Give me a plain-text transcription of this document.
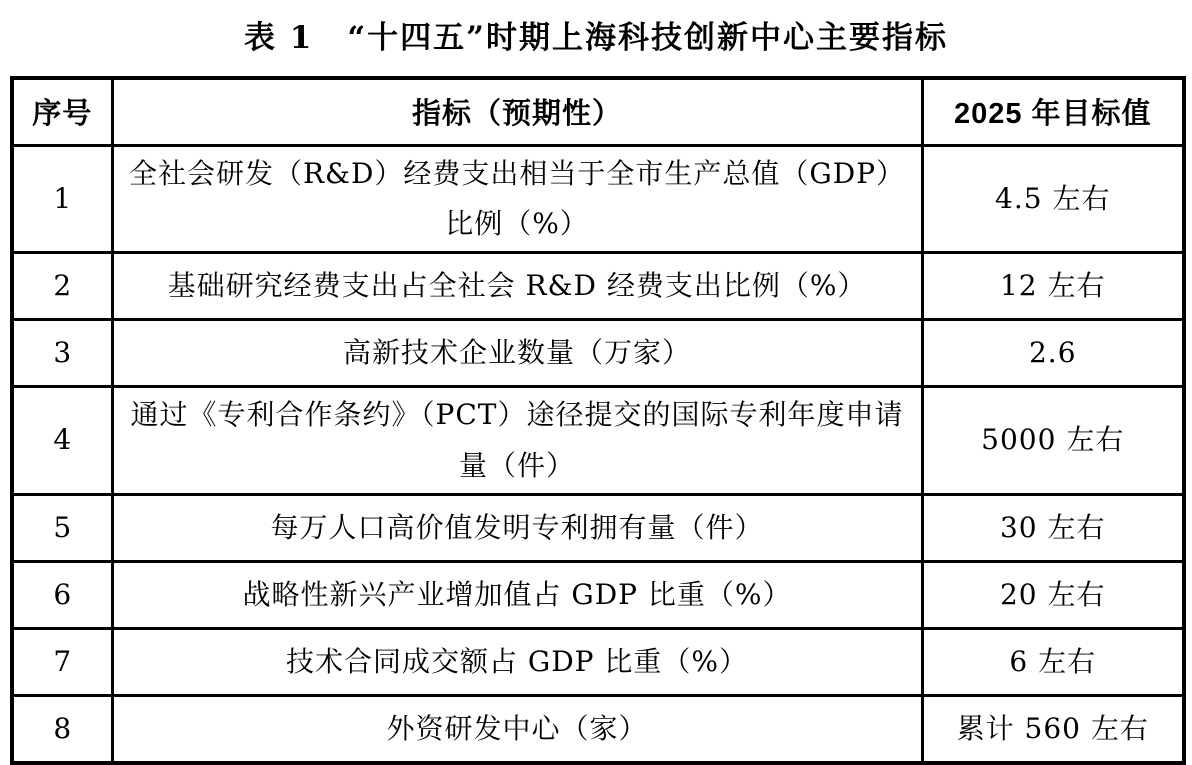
表 1 “十四五”时期上海科技创新中心主要指标
序号	指标（预期性）	2025 年目标值
1	全社会研发（R&D）经费支出相当于全市生产总值（GDP）比例（%）	4.5 左右
2	基础研究经费支出占全社会 R&D 经费支出比例（%）	12 左右
3	高新技术企业数量（万家）	2.6
4	通过《专利合作条约》（PCT）途径提交的国际专利年度申请量（件）	5000 左右
5	每万人口高价值发明专利拥有量（件）	30 左右
6	战略性新兴产业增加值占 GDP 比重（%）	20 左右
7	技术合同成交额占 GDP 比重（%）	6 左右
8	外资研发中心（家）	累计 560 左右
